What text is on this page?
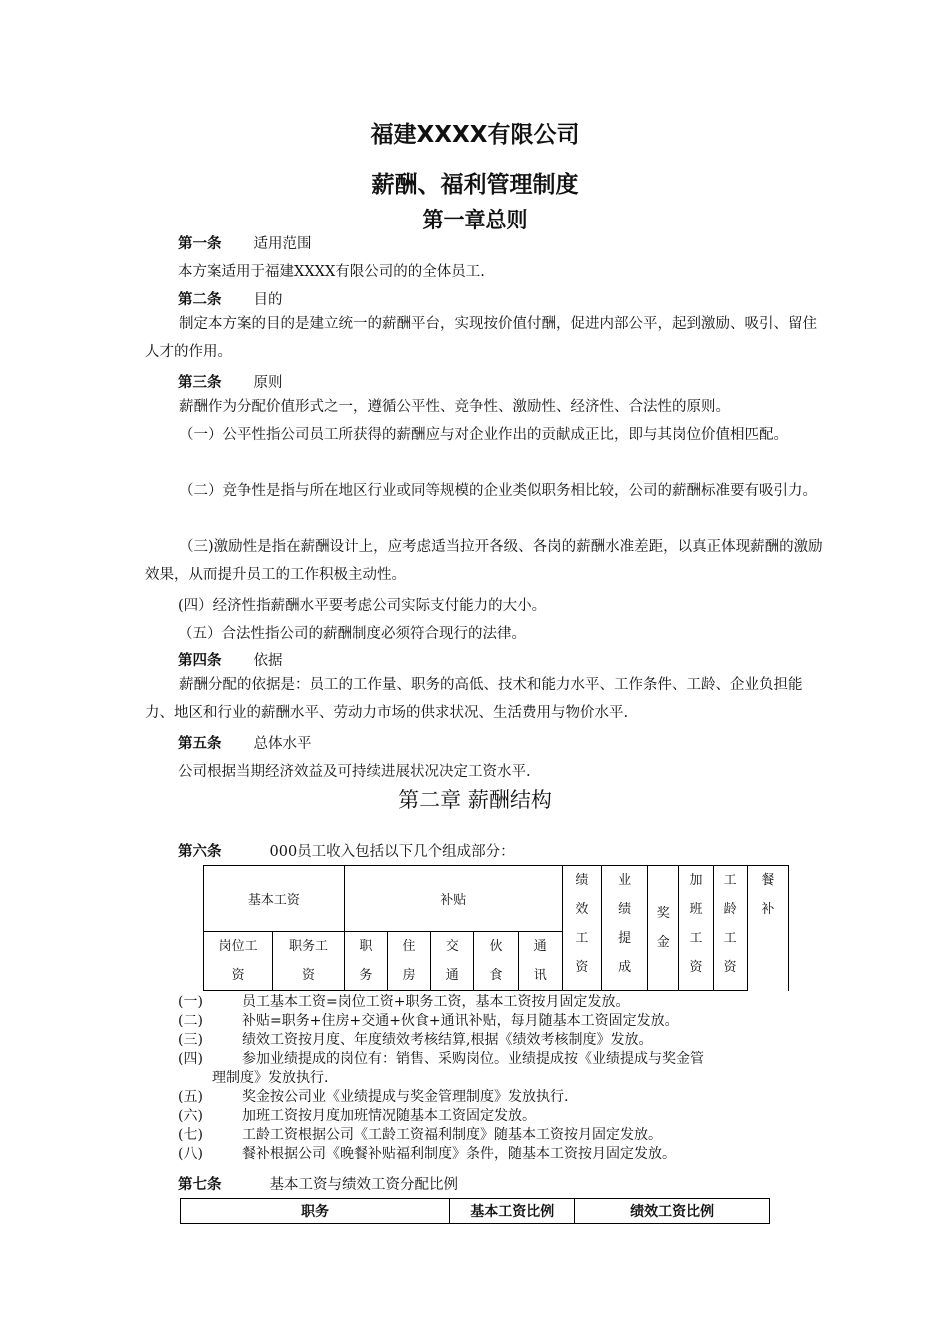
福建XXXX有限公司
薪酬、福利管理制度
第一章总则
第一条 适用范围
本方案适用于福建XXXX有限公司的的全体员工.
第二条 目的
制定本方案的目的是建立统一的薪酬平台，实现按价值付酬，促进内部公平，起到激励、吸引、留住人才的作用。
第三条 原则
薪酬作为分配价值形式之一，遵循公平性、竞争性、激励性、经济性、合法性的原则。
（一）公平性指公司员工所获得的薪酬应与对企业作出的贡献成正比，即与其岗位价值相匹配。
（二）竞争性是指与所在地区行业或同等规模的企业类似职务相比较，公司的薪酬标准要有吸引力。
（三)激励性是指在薪酬设计上，应考虑适当拉开各级、各岗的薪酬水准差距，以真正体现薪酬的激励效果，从而提升员工的工作积极主动性。
(四）经济性指薪酬水平要考虑公司实际支付能力的大小。
（五）合法性指公司的薪酬制度必须符合现行的法律。
第四条 依据
薪酬分配的依据是：员工的工作量、职务的高低、技术和能力水平、工作条件、工龄、企业负担能力、地区和行业的薪酬水平、劳动力市场的供求状况、生活费用与物价水平.
第五条 总体水平
公司根据当期经济效益及可持续进展状况决定工资水平.
第二章 薪酬结构
第六条	000员工收入包括以下几个组成部分：
基本工资		补贴					绩效工资	业绩提成	奖金	加班工资	工龄工资	餐补

岗位工资	职务工资	职务	住房	交通	伙食	通讯						
(一)	员工基本工资=岗位工资+职务工资，基本工资按月固定发放。
(二)	补贴=职务+住房+交通+伙食+通讯补贴，每月随基本工资固定发放。
(三)	绩效工资按月度、年度绩效考核结算,根据《绩效考核制度》发放。
(四)	参加业绩提成的岗位有：销售、采购岗位。业绩提成按《业绩提成与奖金管
理制度》发放执行.
(五)	奖金按公司业《业绩提成与奖金管理制度》发放执行.
(六)	加班工资按月度加班情况随基本工资固定发放。
(七)	工龄工资根据公司《工龄工资福利制度》随基本工资按月固定发放。
(八)	餐补根据公司《晚餐补贴福利制度》条件，随基本工资按月固定发放。
第七条	基本工资与绩效工资分配比例
职务	基本工资比例	绩效工资比例
